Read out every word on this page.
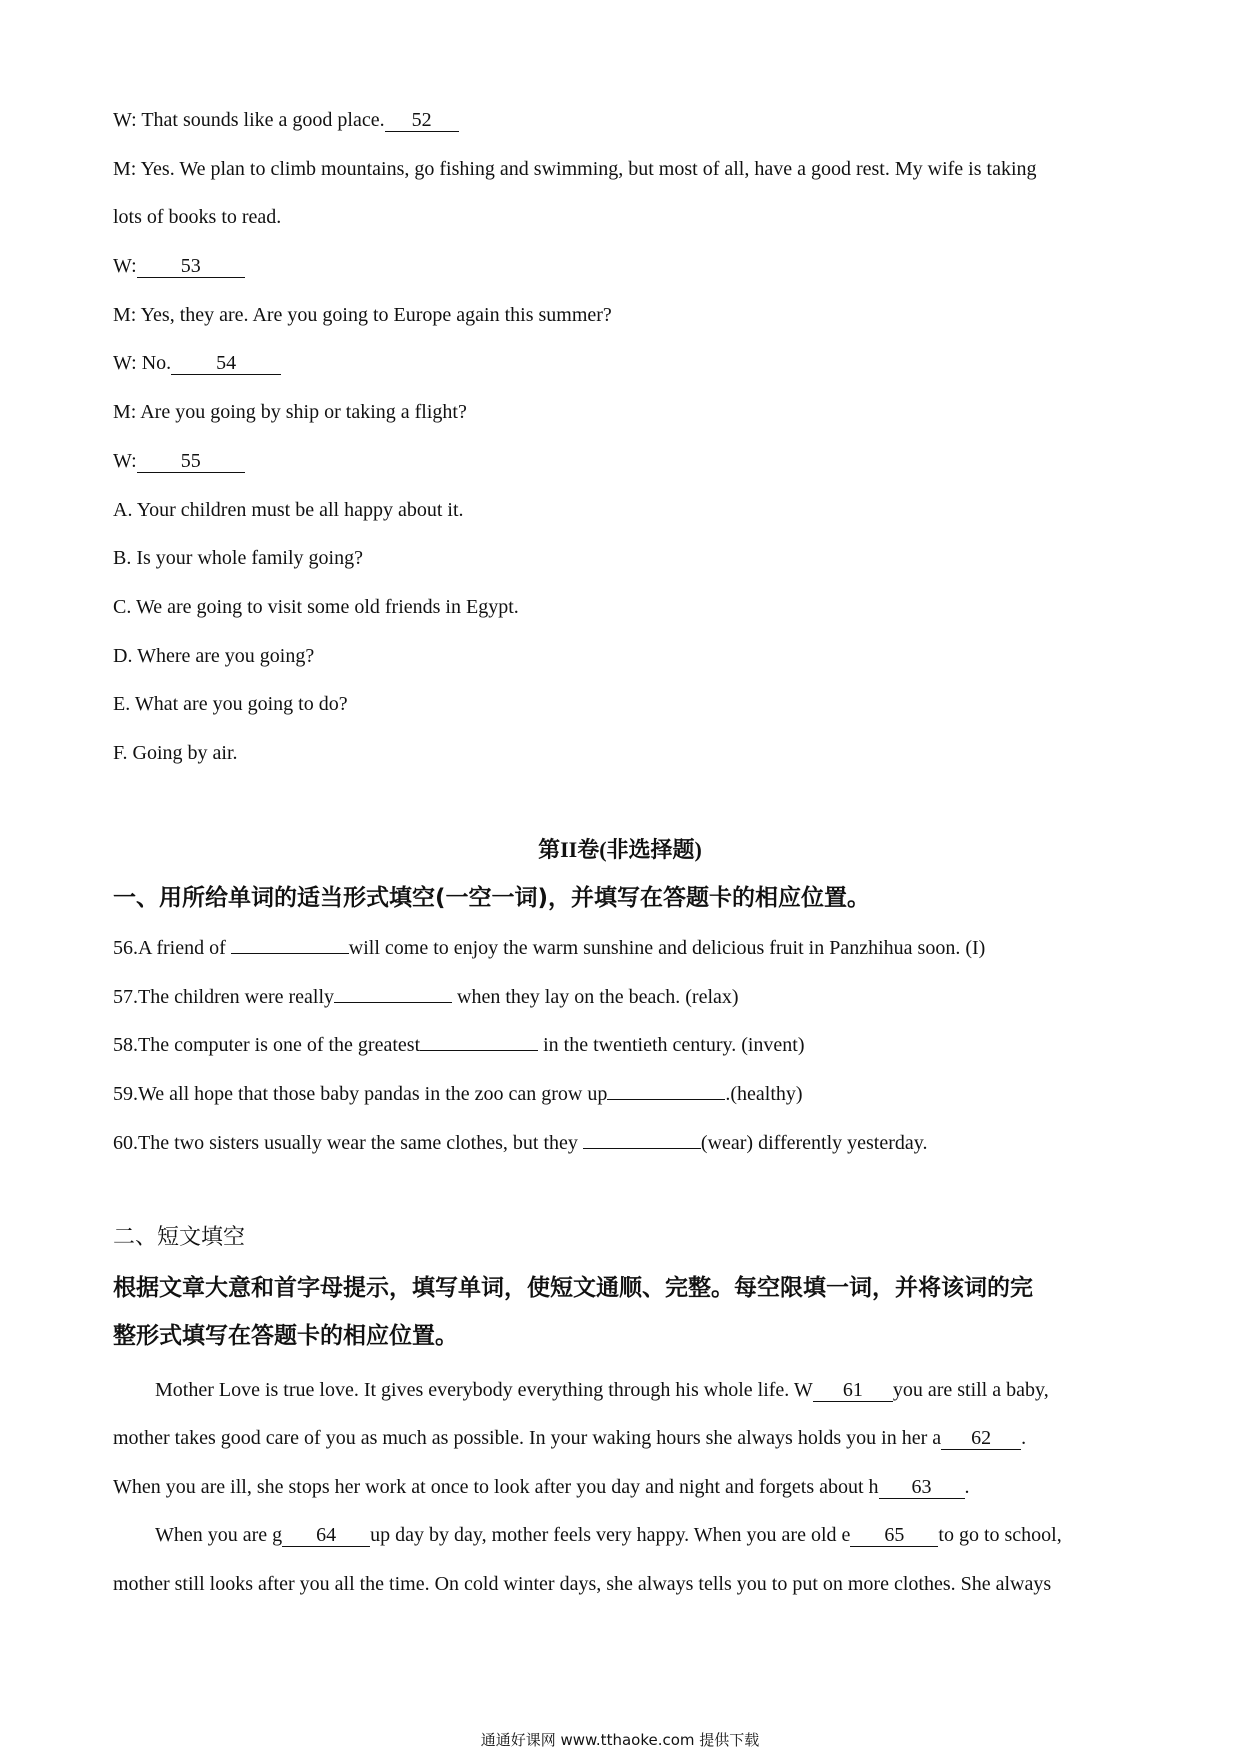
W: That sounds like a good place. 52
M: Yes. We plan to climb mountains, go fishing and swimming, but most of all, have a good rest. My wife is taking
lots of books to read.
W: 53
M: Yes, they are. Are you going to Europe again this summer?
W: No. 54
M: Are you going by ship or taking a flight?
W: 55
A. Your children must be all happy about it.
B. Is your whole family going?
C. We are going to visit some old friends in Egypt.
D. Where are you going?
E. What are you going to do?
F. Going by air.
第II卷(非选择题)
一、用所给单词的适当形式填空(一空一词)，并填写在答题卡的相应位置。
56.A friend of	will come to enjoy the warm sunshine and delicious fruit in Panzhihua soon. (I)
57.The children were really	when they lay on the beach. (relax)
58.The computer is one of the greatest	in the twentieth century. (invent)
59.We all hope that those baby pandas in the zoo can grow up	.(healthy)
60.The two sisters usually wear the same clothes, but they	(wear) differently yesterday.
二、短文填空
根据文章大意和首字母提示，填写单词，使短文通顺、完整。每空限填一词，并将该词的完
整形式填写在答题卡的相应位置。
Mother Love is true love. It gives everybody everything through his whole life. W 61 you are still a baby,
mother takes good care of you as much as possible. In your waking hours she always holds you in her a 62 .
When you are ill, she stops her work at once to look after you day and night and forgets about h 63 .
When you are g 64 up day by day, mother feels very happy. When you are old e 65 to go to school,
mother still looks after you all the time. On cold winter days, she always tells you to put on more clothes. She always
通通好课网 www.tthaoke.com 提供下载
